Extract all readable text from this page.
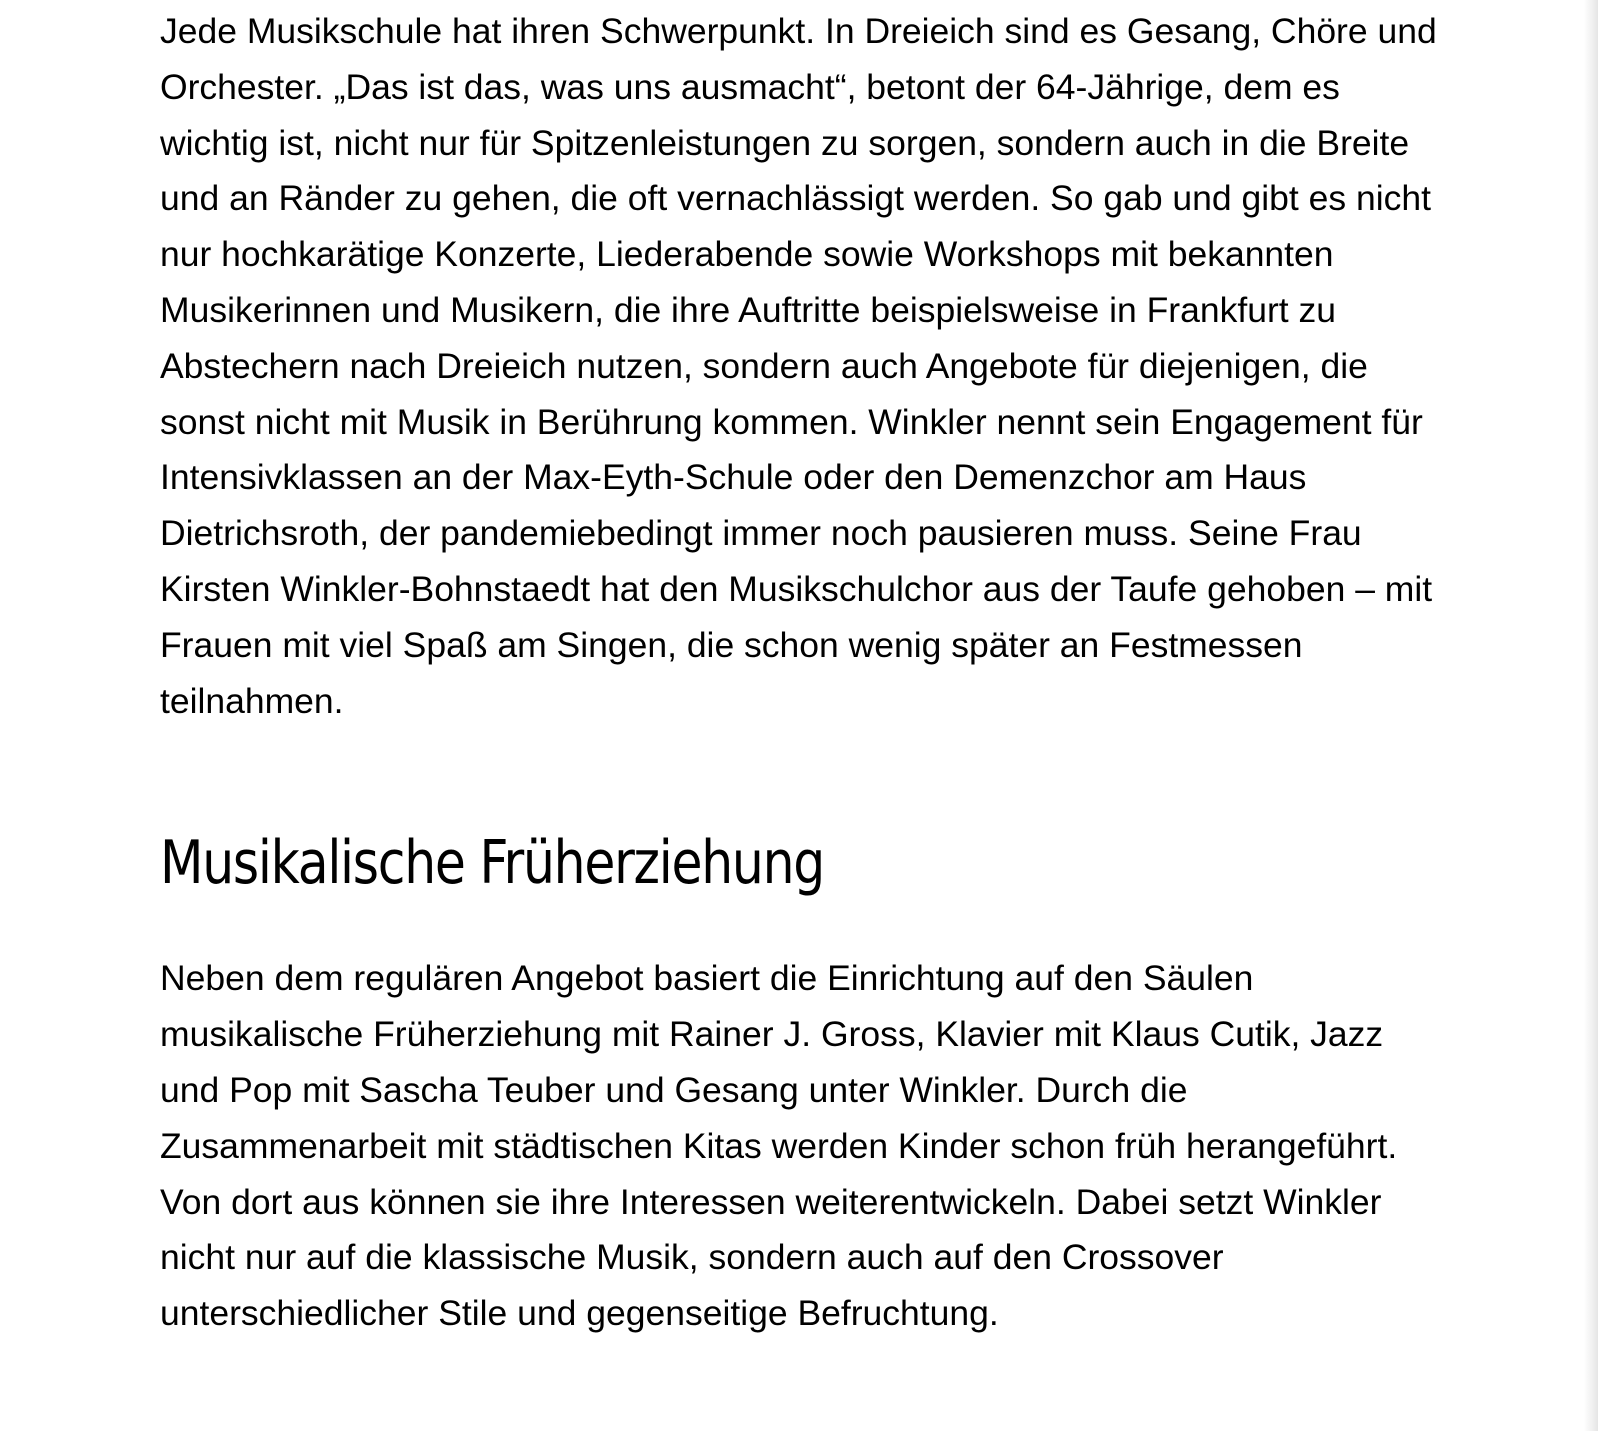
Jede Musikschule hat ihren Schwerpunkt. In Dreieich sind es Gesang, Chöre und Orchester. „Das ist das, was uns ausmacht“, betont der 64-Jährige, dem es wichtig ist, nicht nur für Spitzenleistungen zu sorgen, sondern auch in die Breite und an Ränder zu gehen, die oft vernachlässigt werden. So gab und gibt es nicht nur hochkarätige Konzerte, Liederabende sowie Workshops mit bekannten Musikerinnen und Musikern, die ihre Auftritte beispielsweise in Frankfurt zu Abstechern nach Dreieich nutzen, sondern auch Angebote für diejenigen, die sonst nicht mit Musik in Berührung kommen. Winkler nennt sein Engagement für Intensivklassen an der Max-Eyth-Schule oder den Demenzchor am Haus Dietrichsroth, der pandemiebedingt immer noch pausieren muss. Seine Frau Kirsten Winkler-Bohnstaedt hat den Musikschulchor aus der Taufe gehoben – mit Frauen mit viel Spaß am Singen, die schon wenig später an Festmessen teilnahmen.

Musikalische Früherziehung

Neben dem regulären Angebot basiert die Einrichtung auf den Säulen musikalische Früherziehung mit Rainer J. Gross, Klavier mit Klaus Cutik, Jazz und Pop mit Sascha Teuber und Gesang unter Winkler. Durch die Zusammenarbeit mit städtischen Kitas werden Kinder schon früh herangeführt. Von dort aus können sie ihre Interessen weiterentwickeln. Dabei setzt Winkler nicht nur auf die klassische Musik, sondern auch auf den Crossover unterschiedlicher Stile und gegenseitige Befruchtung.
